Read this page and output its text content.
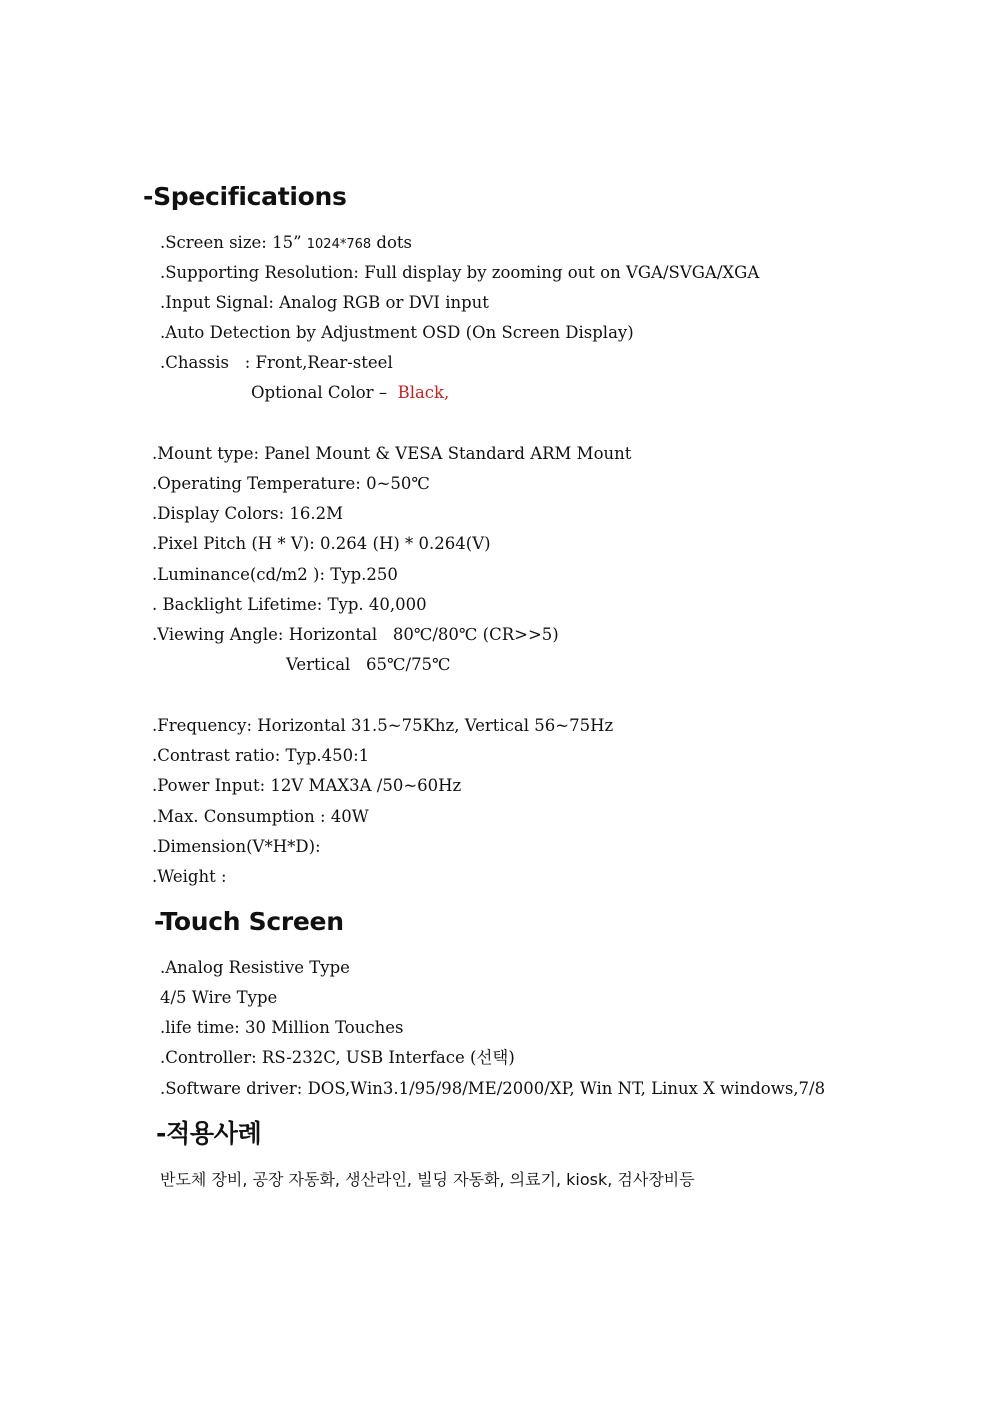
-Specifications

.Screen size: 15” 1024*768 dots

.Supporting Resolution: Full display by zooming out on VGA/SVGA/XGA

.Input Signal: Analog RGB or DVI input

.Auto Detection by Adjustment OSD (On Screen Display)

.Chassis   : Front,Rear-steel

Optional Color –  Black,

.Mount type: Panel Mount & VESA Standard ARM Mount

.Operating Temperature: 0~50℃

.Display Colors: 16.2M

.Pixel Pitch (H * V): 0.264 (H) * 0.264(V)

.Luminance(cd/m2 ): Typ.250

. Backlight Lifetime: Typ. 40,000

.Viewing Angle: Horizontal   80℃/80℃ (CR>>5)

Vertical   65℃/75℃

.Frequency: Horizontal 31.5~75Khz, Vertical 56~75Hz

.Contrast ratio: Typ.450:1

.Power Input: 12V MAX3A /50~60Hz

.Max. Consumption : 40W

.Dimension(V*H*D):

.Weight :

-Touch Screen

.Analog Resistive Type

4/5 Wire Type

.life time: 30 Million Touches

.Controller: RS-232C, USB Interface (선택)

.Software driver: DOS,Win3.1/95/98/ME/2000/XP, Win NT, Linux X windows,7/8

-적용사례

반도체 장비, 공장 자동화, 생산라인, 빌딩 자동화, 의료기, kiosk, 검사장비등
